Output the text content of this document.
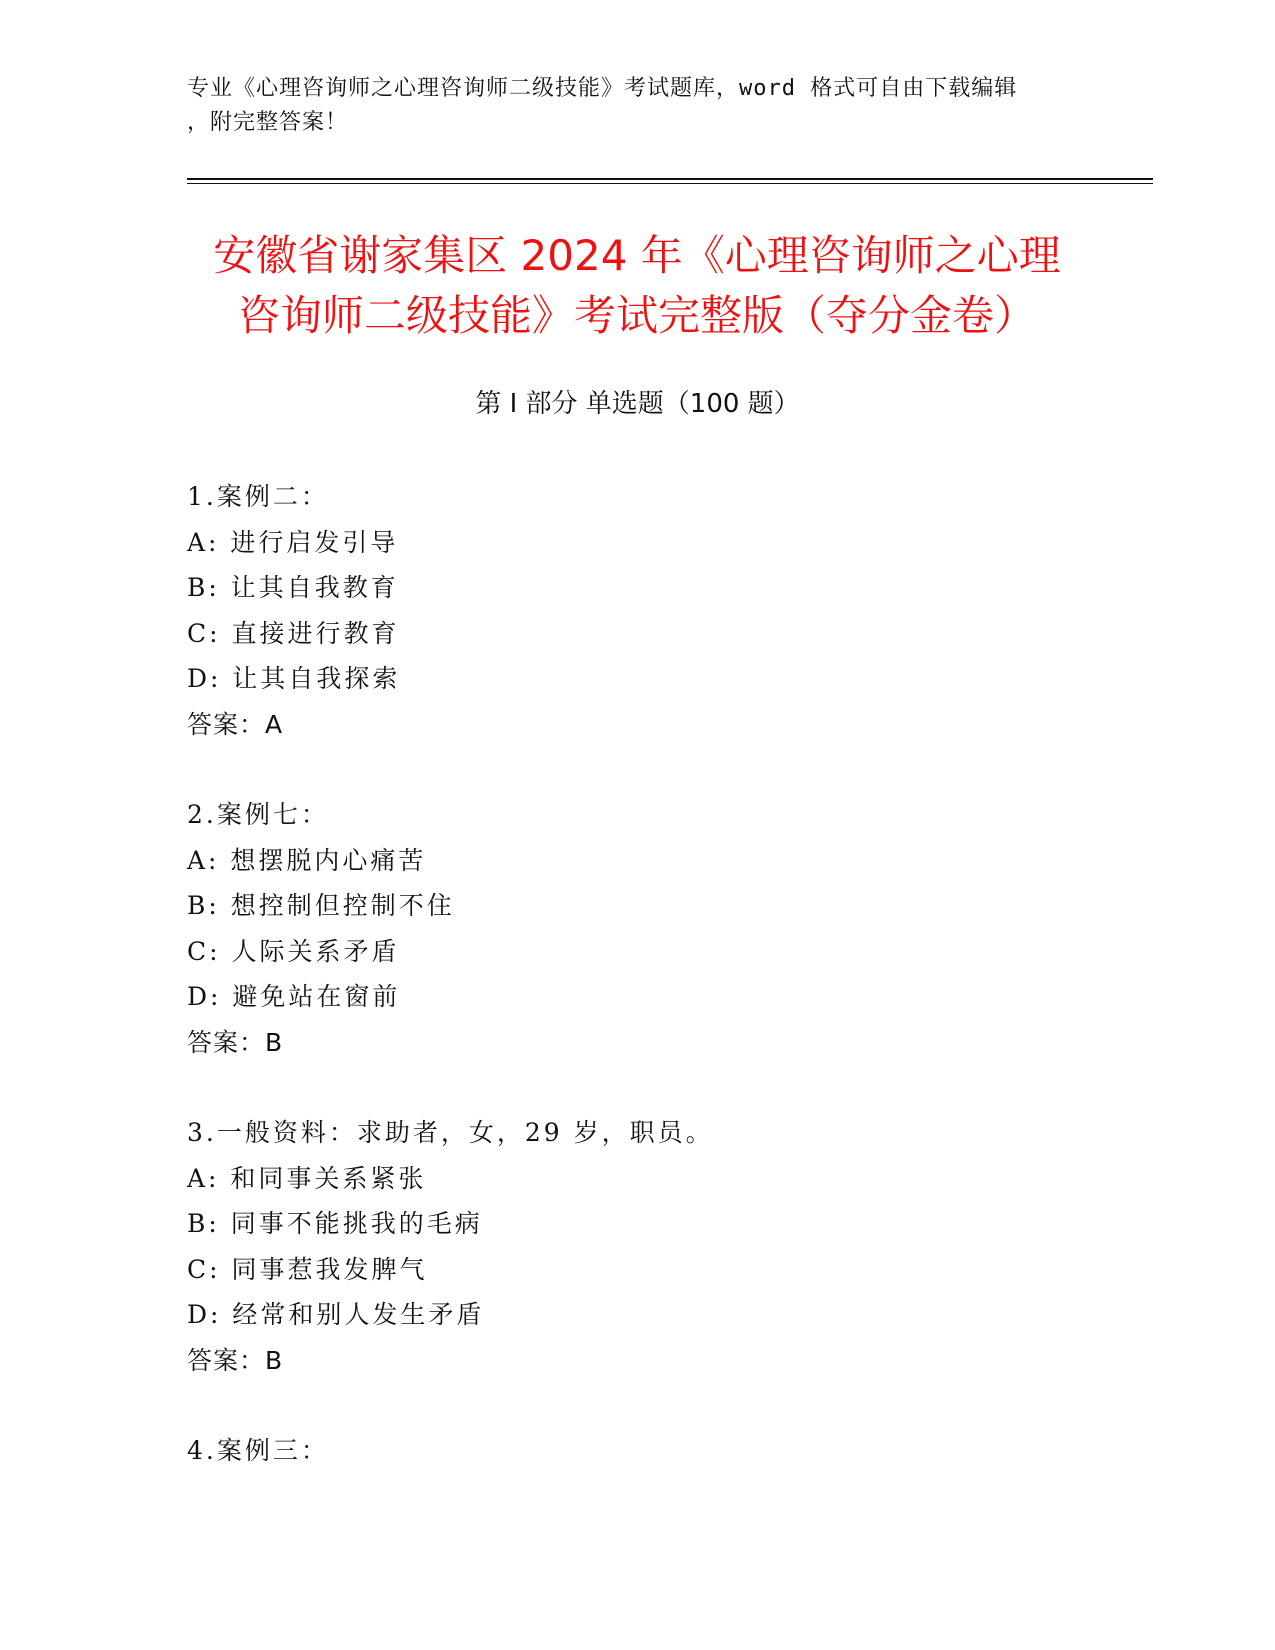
专业《心理咨询师之心理咨询师二级技能》考试题库，word 格式可自由下载编辑
，附完整答案！
安徽省谢家集区 2024 年《心理咨询师之心理
咨询师二级技能》考试完整版（夺分金卷）
第 I 部分 单选题（100 题）
1.案例二：
A: 进行启发引导
B: 让其自我教育
C: 直接进行教育
D: 让其自我探索
答案：A
2.案例七：
A: 想摆脱内心痛苦
B: 想控制但控制不住
C: 人际关系矛盾
D: 避免站在窗前
答案：B
3.一般资料：求助者，女，29 岁，职员。
A: 和同事关系紧张
B: 同事不能挑我的毛病
C: 同事惹我发脾气
D: 经常和别人发生矛盾
答案：B
4.案例三：
